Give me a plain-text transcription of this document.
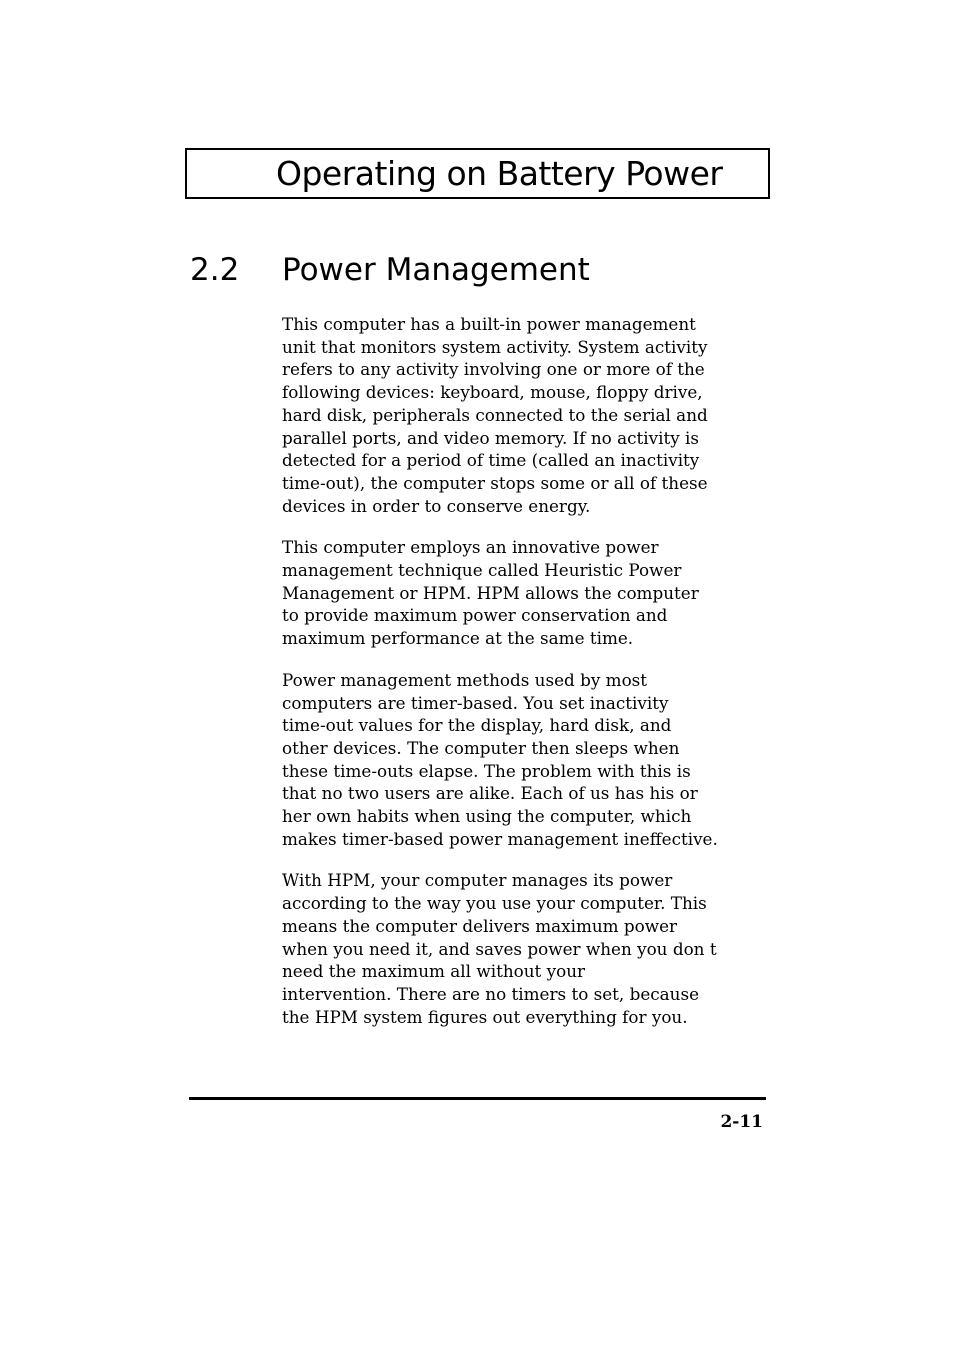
Operating on Battery Power
2.2 Power Management

This computer has a built-in power management
unit that monitors system activity. System activity
refers to any activity involving one or more of the
following devices: keyboard, mouse, floppy drive,
hard disk, peripherals connected to the serial and
parallel ports, and video memory. If no activity is
detected for a period of time (called an inactivity
time-out), the computer stops some or all of these
devices in order to conserve energy.

This computer employs an innovative power
management technique called Heuristic Power
Management or HPM. HPM allows the computer
to provide maximum power conservation and
maximum performance at the same time.

Power management methods used by most
computers are timer-based. You set inactivity
time-out values for the display, hard disk, and
other devices. The computer then sleeps when
these time-outs elapse. The problem with this is
that no two users are alike. Each of us has his or
her own habits when using the computer, which
makes timer-based power management ineffective.

With HPM, your computer manages its power
according to the way you use your computer. This
means the computer delivers maximum power
when you need it, and saves power when you don t
need the maximum all without your
intervention. There are no timers to set, because
the HPM system figures out everything for you.

2-11
